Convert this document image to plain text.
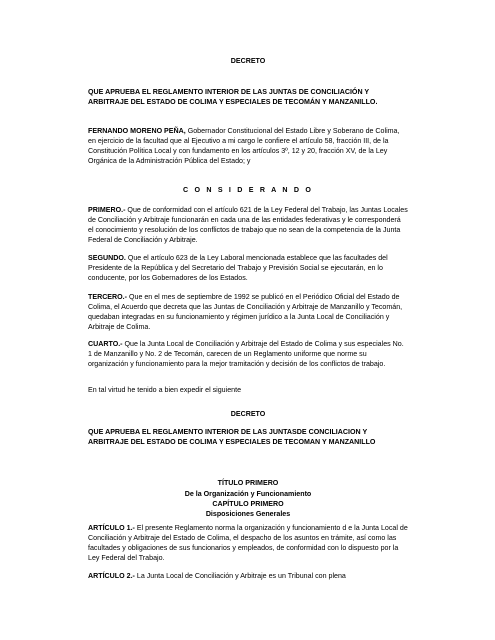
DECRETO

QUE APRUEBA EL REGLAMENTO INTERIOR DE LAS JUNTAS DE CONCILIACIÓN Y ARBITRAJE DEL ESTADO DE COLIMA Y ESPECIALES DE TECOMÁN Y MANZANILLO.

FERNANDO MORENO PEÑA, Gobernador Constitucional del Estado Libre y Soberano de Colima, en ejercicio de la facultad que al Ejecutivo a mi cargo le confiere el artículo 58, fracción III, de la Constitución Política Local y con fundamento en los artículos 3º, 12 y 20, fracción XV, de la Ley Orgánica de la Administración Pública del Estado; y

C O N S I D E R A N D O

PRIMERO.- Que de conformidad con el artículo 621 de la Ley Federal del Trabajo, las Juntas Locales de Conciliación y Arbitraje funcionarán en cada una de las entidades federativas y le corresponderá el conocimiento y resolución de los conflictos de trabajo que no sean de la competencia de la Junta Federal de Conciliación y Arbitraje.

SEGUNDO. Que el artículo 623 de la Ley Laboral mencionada establece que las facultades del Presidente de la República y del Secretario del Trabajo y Previsión Social se ejecutarán, en lo conducente, por los Gobernadores de los Estados.

TERCERO.- Que en el mes de septiembre de 1992 se publicó en el Periódico Oficial del Estado de Colima, el Acuerdo que decreta que las Juntas de Conciliación y Arbitraje de Manzanillo y Tecomán, quedaban integradas en su funcionamiento y régimen jurídico a la Junta Local de Conciliación y Arbitraje de Colima.

CUARTO.- Que la Junta Local de Conciliación y Arbitraje del Estado de Colima y sus especiales No. 1 de Manzanillo y No. 2 de Tecomán, carecen de un Reglamento uniforme que norme su organización y funcionamiento para la mejor tramitación y decisión de los conflictos de trabajo.

En tal virtud he tenido a bien expedir el siguiente

DECRETO

QUE APRUEBA EL REGLAMENTO INTERIOR DE LAS JUNTASDE CONCILIACION Y ARBITRAJE DEL ESTADO DE COLIMA Y ESPECIALES DE TECOMAN Y MANZANILLO

TÍTULO PRIMERO

De la Organización y Funcionamiento

CAPÍTULO PRIMERO

Disposiciones Generales

ARTÍCULO 1.- El presente Reglamento norma la organización y funcionamiento d e la Junta Local de Conciliación y Arbitraje del Estado de Colima, el despacho de los asuntos en trámite, así como las facultades y obligaciones de sus funcionarios y empleados, de conformidad con lo dispuesto por la Ley Federal del Trabajo.

ARTÍCULO 2.- La Junta Local de Conciliación y Arbitraje es un Tribunal con plena
